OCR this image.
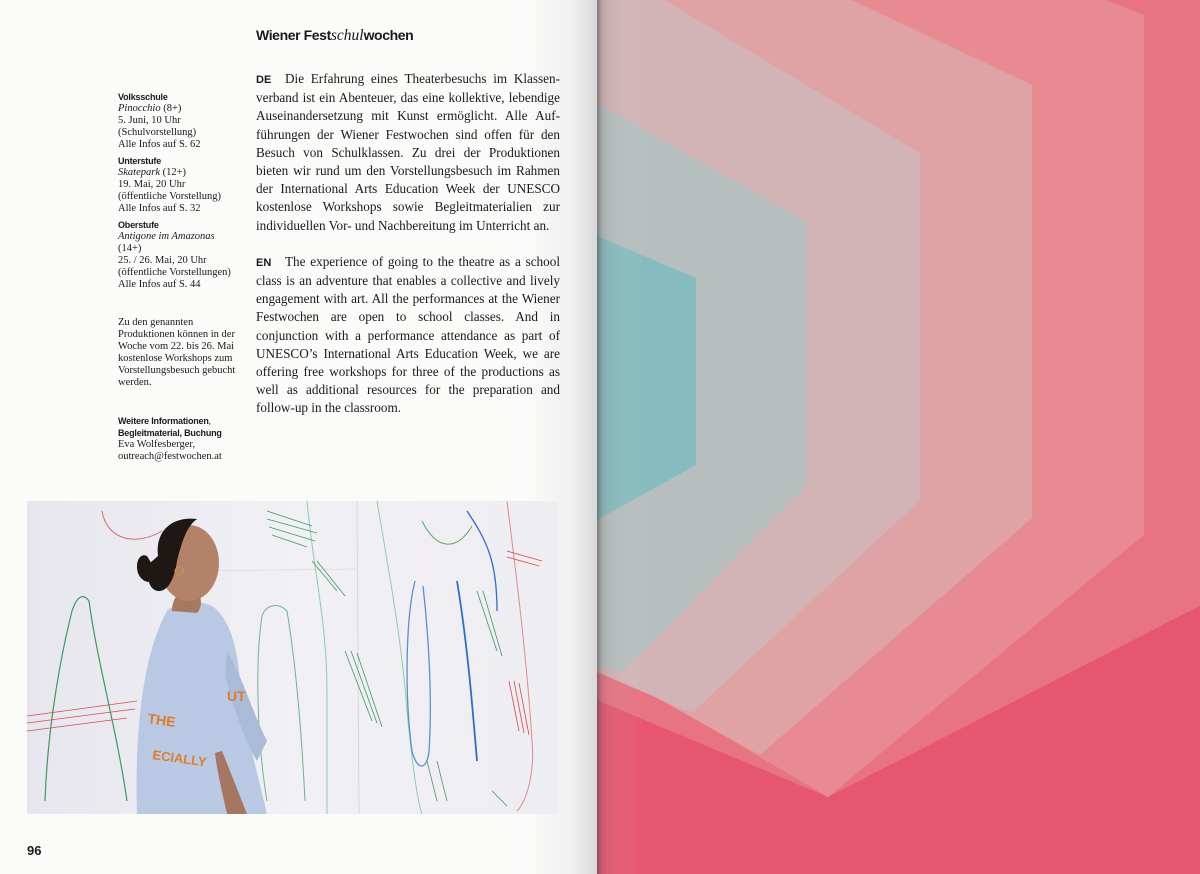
Wiener Festschulwochen
Volksschule
Pinocchio (8+)
5. Juni, 10 Uhr
(Schulvorstellung)
Alle Infos auf S. 62
Unterstufe
Skatepark (12+)
19. Mai, 20 Uhr
(öffentliche Vorstellung)
Alle Infos auf S. 32
Oberstufe
Antigone im Amazonas
(14+)
25. / 26. Mai, 20 Uhr
(öffentliche Vorstellungen)
Alle Infos auf S. 44
Zu den genannten Produktionen können in der Woche vom 22. bis 26. Mai kostenlose Workshops zum Vorstellungsbesuch gebucht werden.
Weitere Informationen,
Begleitmaterial, Buchung
Eva Wolfesberger,
outreach@festwochen.at

DE Die Erfahrung eines Theaterbesuchs im Klassenverband ist ein Abenteuer, das eine kollektive, lebendige Auseinandersetzung mit Kunst ermöglicht. Alle Aufführungen der Wiener Festwochen sind offen für den Besuch von Schulklassen. Zu drei der Produktionen bieten wir rund um den Vorstellungsbesuch im Rahmen der International Arts Education Week der UNESCO kostenlose Workshops sowie Begleitmaterialien zur individuellen Vor- und Nachbereitung im Unterricht an.

EN The experience of going to the theatre as a school class is an adventure that enables a collective and lively engagement with art. All the performances at the Wiener Festwochen are open to school classes. And in conjunction with a performance attendance as part of UNESCO’s International Arts Education Week, we are offering free workshops for three of the productions as well as additional resources for the preparation and follow-up in the classroom.

THE
ECIALLY
UT
96
